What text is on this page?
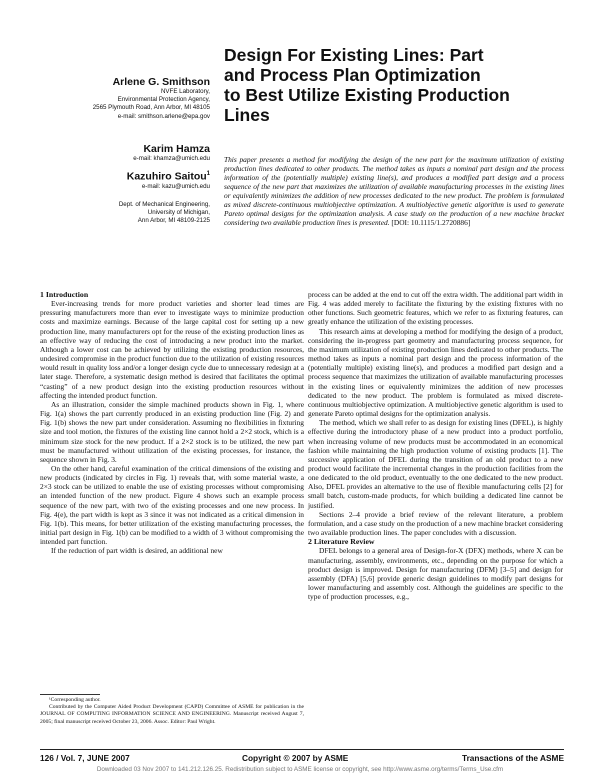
Design For Existing Lines: Part
and Process Plan Optimization
to Best Utilize Existing Production
Lines

Arlene G. Smithson

NVFE Laboratory,
Environmental Protection Agency,
2565 Plymouth Road, Ann Arbor, MI 48105
e-mail: smithson.arlene@epa.gov

Karim Hamza

e-mail: khamza@umich.edu

Kazuhiro Saitou$^1$

e-mail: kazu@umich.edu

Dept. of Mechanical Engineering,
University of Michigan,
Ann Arbor, MI 48109-2125

This paper presents a method for modifying the design of the new part for the maximum utilization of existing production lines dedicated to other products. The method takes as inputs a nominal part design and the process information of the (potentially multiple) existing line(s), and produces a modified part design and a process sequence of the new part that maximizes the utilization of available manufacturing processes in the existing lines or equivalently minimizes the addition of new processes dedicated to the new product. The problem is formulated as mixed discrete-continuous multiobjective optimization. A multiobjective genetic algorithm is used to generate Pareto optimal designs for the optimization analysis. A case study on the production of a new machine bracket considering two available production lines is presented. [DOI: 10.1115/1.2720886]

1 Introduction

Ever-increasing trends for more product varieties and shorter lead times are pressuring manufacturers more than ever to investigate ways to minimize production costs and maximize earnings. Because of the large capital cost for setting up a new production line, many manufacturers opt for the reuse of the existing production lines as an effective way of reducing the cost of introducing a new product into the market. Although a lower cost can be achieved by utilizing the existing production resources, undesired compromise in the product function due to the utilization of existing resources would result in quality loss and/or a longer design cycle due to unnecessary redesign at a later stage. Therefore, a systematic design method is desired that facilitates the optimal “casting” of a new product design into the existing production resources without affecting the intended product function.

As an illustration, consider the simple machined products shown in Fig. 1, where Fig. 1(a) shows the part currently produced in an existing production line (Fig. 2) and Fig. 1(b) shows the new part under consideration. Assuming no flexibilities in fixturing size and tool motion, the fixtures of the existing line cannot hold a 2×2 stock, which is a minimum size stock for the new product. If a 2×2 stock is to be utilized, the new part must be manufactured without utilization of the existing processes, for instance, the sequence shown in Fig. 3.

On the other hand, careful examination of the critical dimensions of the existing and new products (indicated by circles in Fig. 1) reveals that, with some material waste, a 2×3 stock can be utilized to enable the use of existing processes without compromising an intended function of the new product. Figure 4 shows such an example process sequence of the new part, with two of the existing processes and one new process. In Fig. 4(e), the part width is kept as 3 since it was not indicated as a critical dimension in Fig. 1(b). This means, for better utilization of the existing manufacturing processes, the initial part design in Fig. 1(b) can be modified to a width of 3 without compromising the intended part function.

If the reduction of part width is desired, an additional new

¹Corresponding author.

Contributed by the Computer Aided Product Development (CAPD) Committee of ASME for publication in the JOURNAL OF COMPUTING INFORMATION SCIENCE AND ENGINEERING. Manuscript received August 7, 2005; final manuscript received October 23, 2006. Assoc. Editor: Paul Wright.

process can be added at the end to cut off the extra width. The additional part width in Fig. 4 was added merely to facilitate the fixturing by the existing fixtures with no other functions. Such geometric features, which we refer to as fixturing features, can greatly enhance the utilization of the existing processes.

This research aims at developing a method for modifying the design of a product, considering the in-progress part geometry and manufacturing process sequence, for the maximum utilization of existing production lines dedicated to other products. The method takes as inputs a nominal part design and the process information of the (potentially multiple) existing line(s), and produces a modified part design and a process sequence that maximizes the utilization of available manufacturing processes in the existing lines or equivalently minimizes the addition of new processes dedicated to the new product. The problem is formulated as mixed discrete-continuous multiobjective optimization. A multiobjective genetic algorithm is used to generate Pareto optimal designs for the optimization analysis.

The method, which we shall refer to as design for existing lines (DFEL), is highly effective during the introductory phase of a new product into a product portfolio, when increasing volume of new products must be accommodated in an economical fashion while maintaining the high production volume of existing products [1]. The successive application of DFEL during the transition of an old product to a new product would facilitate the incremental changes in the production facilities from the one dedicated to the old product, eventually to the one dedicated to the new product. Also, DFEL provides an alternative to the use of flexible manufacturing cells [2] for small batch, custom-made products, for which building a dedicated line cannot be justified.

Sections 2–4 provide a brief review of the relevant literature, a problem formulation, and a case study on the production of a new machine bracket considering two available production lines. The paper concludes with a discussion.

2 Literature Review

DFEL belongs to a general area of Design-for-X (DFX) methods, where X can be manufacturing, assembly, environments, etc., depending on the purpose for which a product design is improved. Design for manufacturing (DFM) [3–5] and design for assembly (DFA) [5,6] provide generic design guidelines to modify part designs for lower manufacturing and assembly cost. Although the guidelines are specific to the type of production processes, e.g.,

126 / Vol. 7, JUNE 2007	Copyright © 2007 by ASME	Transactions of the ASME
Downloaded 03 Nov 2007 to 141.212.126.25. Redistribution subject to ASME license or copyright, see http://www.asme.org/terms/Terms_Use.cfm
